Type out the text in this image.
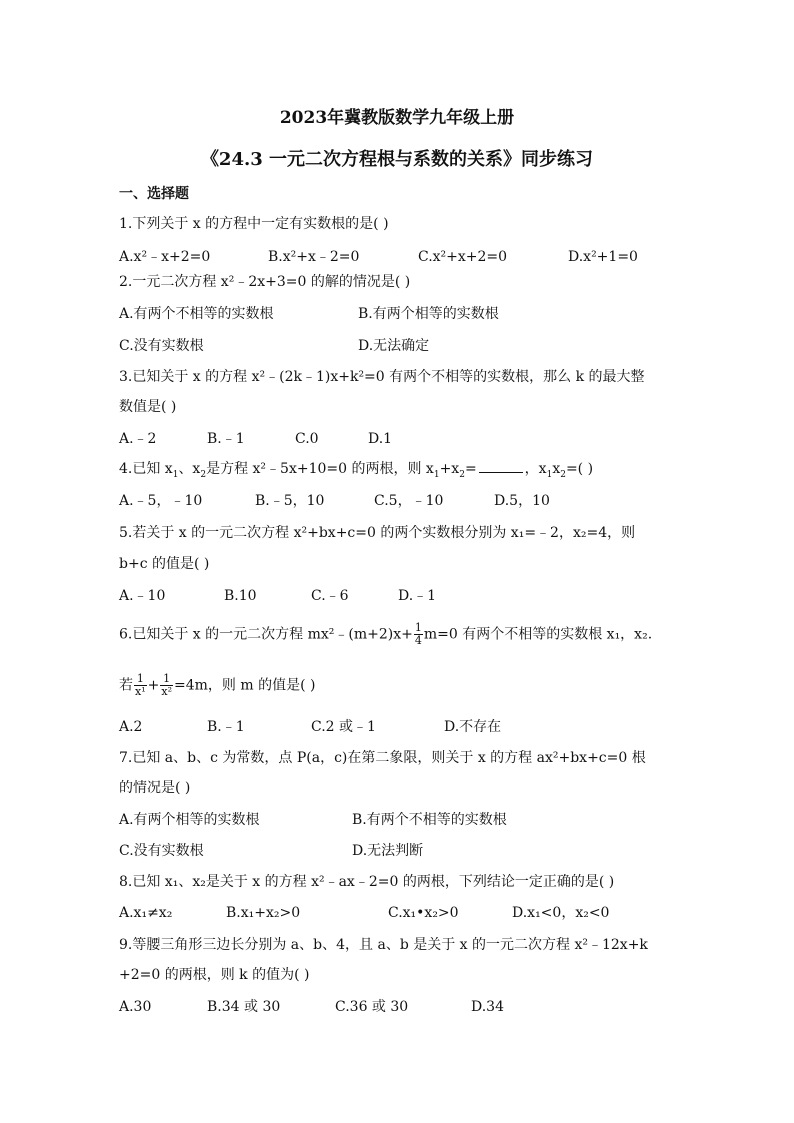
2023年冀教版数学九年级上册
《24.3 一元二次方程根与系数的关系》同步练习
一、选择题
1.下列关于 x 的方程中一定有实数根的是( )
A.x²﹣x+2=0	B.x²+x﹣2=0	C.x²+x+2=0	D.x²+1=0
2.一元二次方程 x²﹣2x+3=0 的解的情况是( )
A.有两个不相等的实数根	B.有两个相等的实数根
C.没有实数根	D.无法确定
3.已知关于 x 的方程 x²﹣(2k﹣1)x+k²=0 有两个不相等的实数根，那么 k 的最大整
数值是( )
A.﹣2	B.﹣1	C.0	D.1
4.已知 $x_1$、$x_2$是方程 x²﹣5x+10=0 的两根，则 $x_1+x_2=$	，$x_1x_2=$( )
A.﹣5，﹣10	B.﹣5，10	C.5，﹣10	D.5，10
5.若关于 x 的一元二次方程 x²+bx+c=0 的两个实数根分别为 x₁=﹣2，x₂=4，则
b+c 的值是( )
A.﹣10	B.10	C.﹣6	D.﹣1
6.已知关于 x 的一元二次方程 mx²﹣(m+2)x+ $\frac{1}{4} m=0$ 有两个不相等的实数根 x₁，x₂.
若 $\frac{1}{\text{x¹}} + \frac{1}{\text{x²}} =4m$，则 m 的值是( )
A.2	B.﹣1	C.2 或﹣1	D.不存在
7.已知 a、b、c 为常数，点 P(a，c)在第二象限，则关于 x 的方程 ax²+bx+c=0 根
的情况是( )
A.有两个相等的实数根	B.有两个不相等的实数根
C.没有实数根	D.无法判断
8.已知 x₁、x₂是关于 x 的方程 x²﹣ax﹣2=0 的两根，下列结论一定正确的是( )
A.x₁≠x₂	B.x₁+x₂>0	C.x₁•x₂>0	D.x₁<0，x₂<0
9.等腰三角形三边长分别为 a、b、4，且 a、b 是关于 x 的一元二次方程 x²﹣12x+k
+2=0 的两根，则 k 的值为( )
A.30	B.34 或 30	C.36 或 30	D.34
